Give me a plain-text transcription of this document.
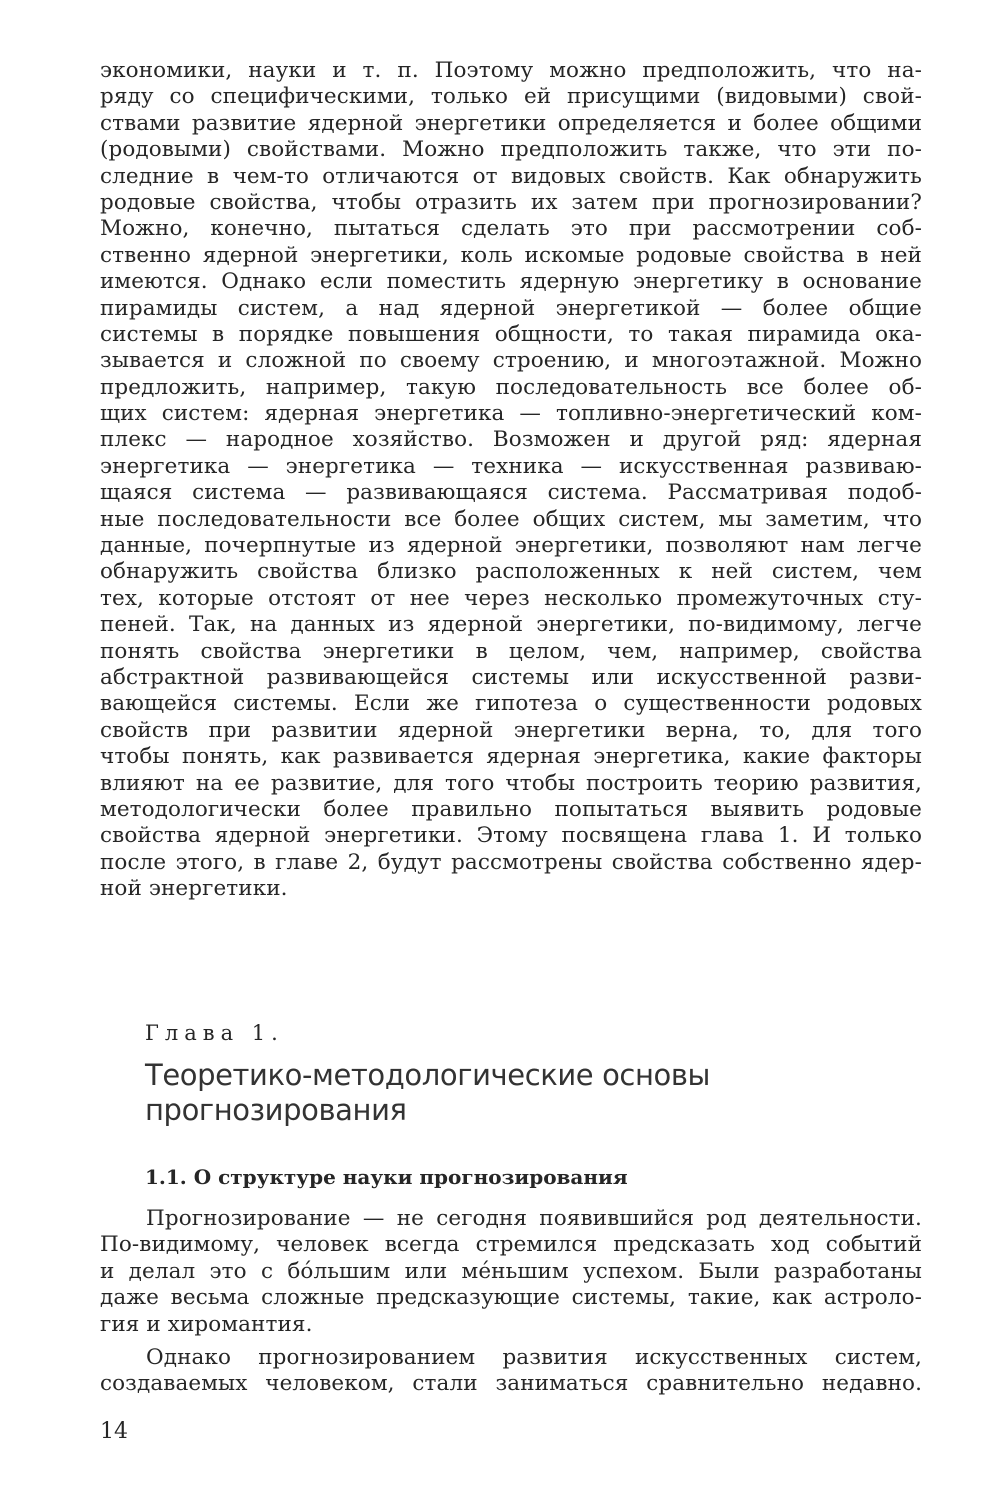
экономики, науки и т. п. Поэтому можно предположить, что на-
ряду со специфическими, только ей присущими (видовыми) свой-
ствами развитие ядерной энергетики определяется и более общими
(родовыми) свойствами. Можно предположить также, что эти по-
следние в чем-то отличаются от видовых свойств. Как обнаружить
родовые свойства, чтобы отразить их затем при прогнозировании?
Можно, конечно, пытаться сделать это при рассмотрении соб-
ственно ядерной энергетики, коль искомые родовые свойства в ней
имеются. Однако если поместить ядерную энергетику в основание
пирамиды систем, а над ядерной энергетикой — более общие
системы в порядке повышения общности, то такая пирамида ока-
зывается и сложной по своему строению, и многоэтажной. Можно
предложить, например, такую последовательность все более об-
щих систем: ядерная энергетика — топливно-энергетический ком-
плекс — народное хозяйство. Возможен и другой ряд: ядерная
энергетика — энергетика — техника — искусственная развиваю-
щаяся система — развивающаяся система. Рассматривая подоб-
ные последовательности все более общих систем, мы заметим, что
данные, почерпнутые из ядерной энергетики, позволяют нам легче
обнаружить свойства близко расположенных к ней систем, чем
тех, которые отстоят от нее через несколько промежуточных сту-
пеней. Так, на данных из ядерной энергетики, по-видимому, легче
понять свойства энергетики в целом, чем, например, свойства
абстрактной развивающейся системы или искусственной разви-
вающейся системы. Если же гипотеза о существенности родовых
свойств при развитии ядерной энергетики верна, то, для того
чтобы понять, как развивается ядерная энергетика, какие факторы
влияют на ее развитие, для того чтобы построить теорию развития,
методологически более правильно попытаться выявить родовые
свойства ядерной энергетики. Этому посвящена глава 1. И только
после этого, в главе 2, будут рассмотрены свойства собственно ядер-
ной энергетики.
Глава 1.
Теоретико-методологические основы
прогнозирования
1.1. О структуре науки прогнозирования
Прогнозирование — не сегодня появившийся род деятельности.
По-видимому, человек всегда стремился предсказать ход событий
и делал это с бо́льшим или ме́ньшим успехом. Были разработаны
даже весьма сложные предсказующие системы, такие, как астроло-
гия и хиромантия.
Однако прогнозированием развития искусственных систем,
создаваемых человеком, стали заниматься сравнительно недавно.
14
